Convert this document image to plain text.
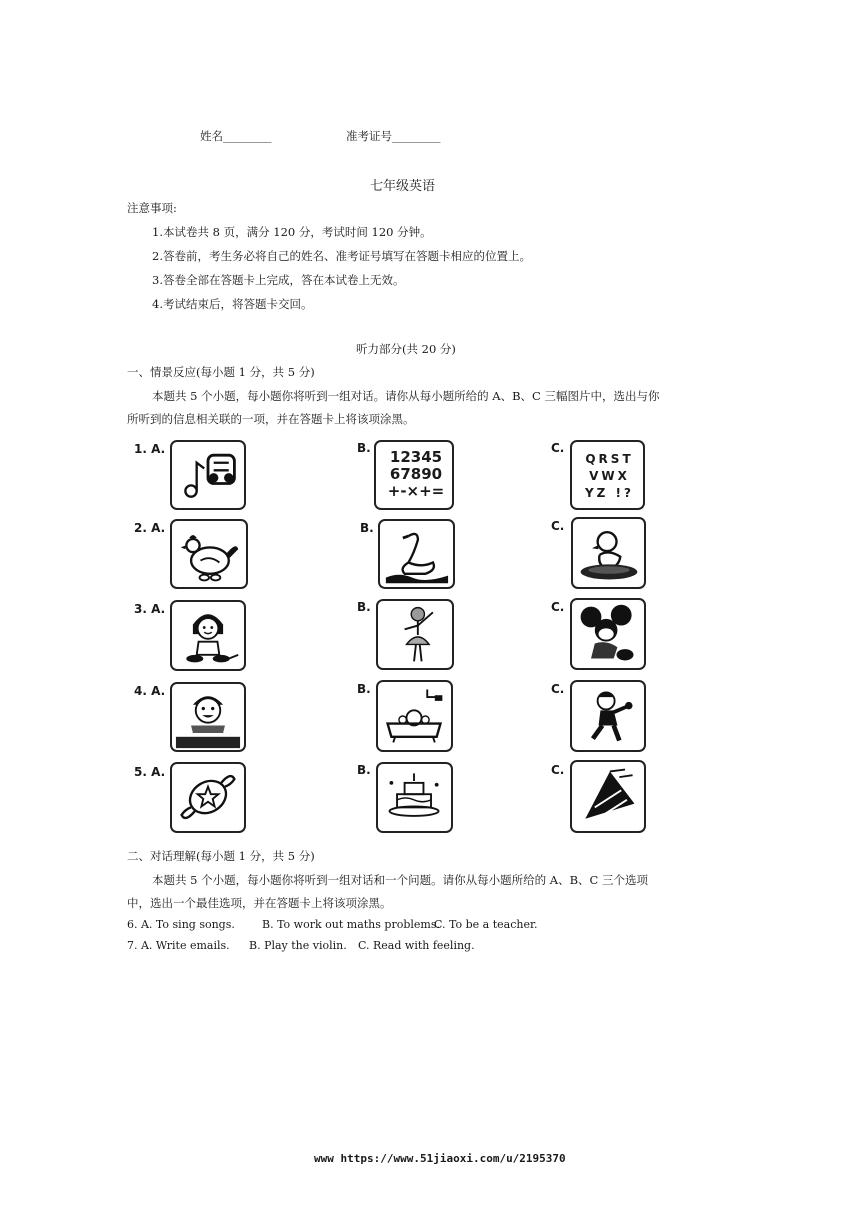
姓名__________	准考证号__________
七年级英语
注意事项:
1.本试卷共 8 页，满分 120 分，考试时间 120 分钟。
2.答卷前，考生务必将自己的姓名、准考证号填写在答题卡相应的位置上。
3.答卷全部在答题卡上完成，答在本试卷上无效。
4.考试结束后，将答题卡交回。
听力部分(共 20 分)
一、情景反应(每小题 1 分，共 5 分)
本题共 5 个小题，每小题你将听到一组对话。请你从每小题所给的 A、B、C 三幅图片中，选出与你
所听到的信息相关联的一项，并在答题卡上将该项涂黑。
1. A.	B.	12345
67890
+-×+=
C.
QRST
VWX
YZ !?
2. A.	B.	C.
3. A.	B.	C.
4. A.	B.	C.
5. A.	B.	C.
二、对话理解(每小题 1 分，共 5 分)
本题共 5 个小题，每小题你将听到一组对话和一个问题。请你从每小题所给的 A、B、C 三个选项
中，选出一个最佳选项，并在答题卡上将该项涂黑。
6. A. To sing songs. B. To work out maths problems.
C. To be a teacher.
7. A. Write emails. B. Play the violin. C. Read with feeling.
www https://www.51jiaoxi.com/u/2195370
